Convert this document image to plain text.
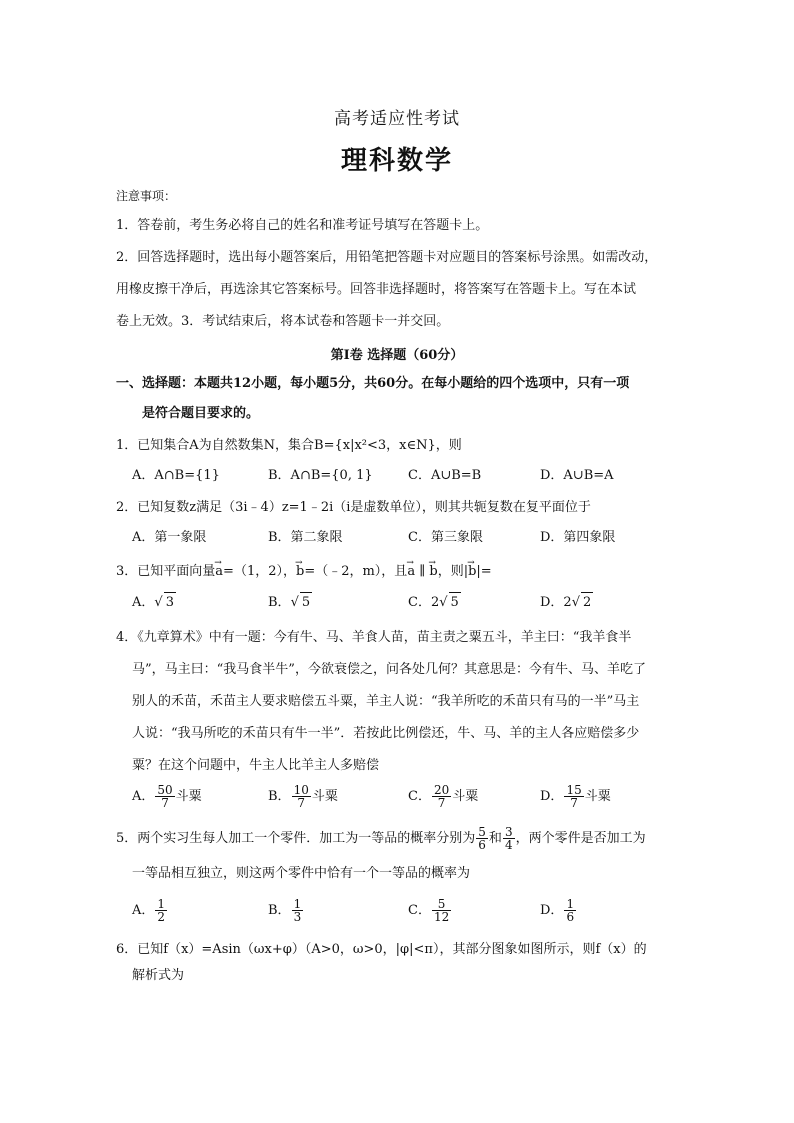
高考适应性考试
理科数学
注意事项：
1．答卷前，考生务必将自己的姓名和准考证号填写在答题卡上。
2．回答选择题时，选出每小题答案后，用铅笔把答题卡对应题目的答案标号涂黑。如需改动，
用橡皮擦干净后，再选涂其它答案标号。回答非选择题时，将答案写在答题卡上。写在本试
卷上无效。3．考试结束后，将本试卷和答题卡一并交回。
第Ⅰ卷 选择题（60分）
一、选择题：本题共12小题，每小题5分，共60分。在每小题给的四个选项中，只有一项
是符合题目要求的。
1．已知集合A为自然数集N，集合B={x|x²<3，x∈N}，则
A．A∩B={1}	B．A∩B={0, 1}	C．A∪B=B	D．A∪B=A
2．已知复数z满足（3i﹣4）z=1﹣2i（i是虚数单位），则其共轭复数在复平面位于
A．第一象限	B．第二象限	C．第三象限	D．第四象限
3．已知平面向量→ a=（1，2），→ b=（﹣2，m），且→ a ∥ → b，则|→ b|=
A．√ 3	B．√ 5	C．2√ 5	D．2√ 2
4．《九章算术》中有一题：今有牛、马、羊食人苗，苗主责之粟五斗，羊主曰：“我羊食半
马”，马主曰：“我马食半牛”，今欲衰偿之，问各处几何？其意思是：今有牛、马、羊吃了
别人的禾苗，禾苗主人要求赔偿五斗粟，羊主人说：“我羊所吃的禾苗只有马的一半”马主
人说：“我马所吃的禾苗只有牛一半”．若按此比例偿还，牛、马、羊的主人各应赔偿多少
粟？在这个问题中，牛主人比羊主人多赔偿
A． $\frac{50}{7}$ 斗粟	B． $\frac{10}{7}$ 斗粟	C． $\frac{20}{7}$ 斗粟	D． $\frac{15}{7}$ 斗粟
5．两个实习生每人加工一个零件．加工为一等品的概率分别为 $\frac{5}{6}$ 和 $\frac{3}{4}$ ，两个零件是否加工为
一等品相互独立，则这两个零件中恰有一个一等品的概率为
A． $\frac{1}{2}$	B． $\frac{1}{3}$	C． $\frac{5}{12}$	D． $\frac{1}{6}$
6．已知f（x）=Asin（ωx+φ）（A>0，ω>0，|φ|<π），其部分图象如图所示，则f（x）的
解析式为
